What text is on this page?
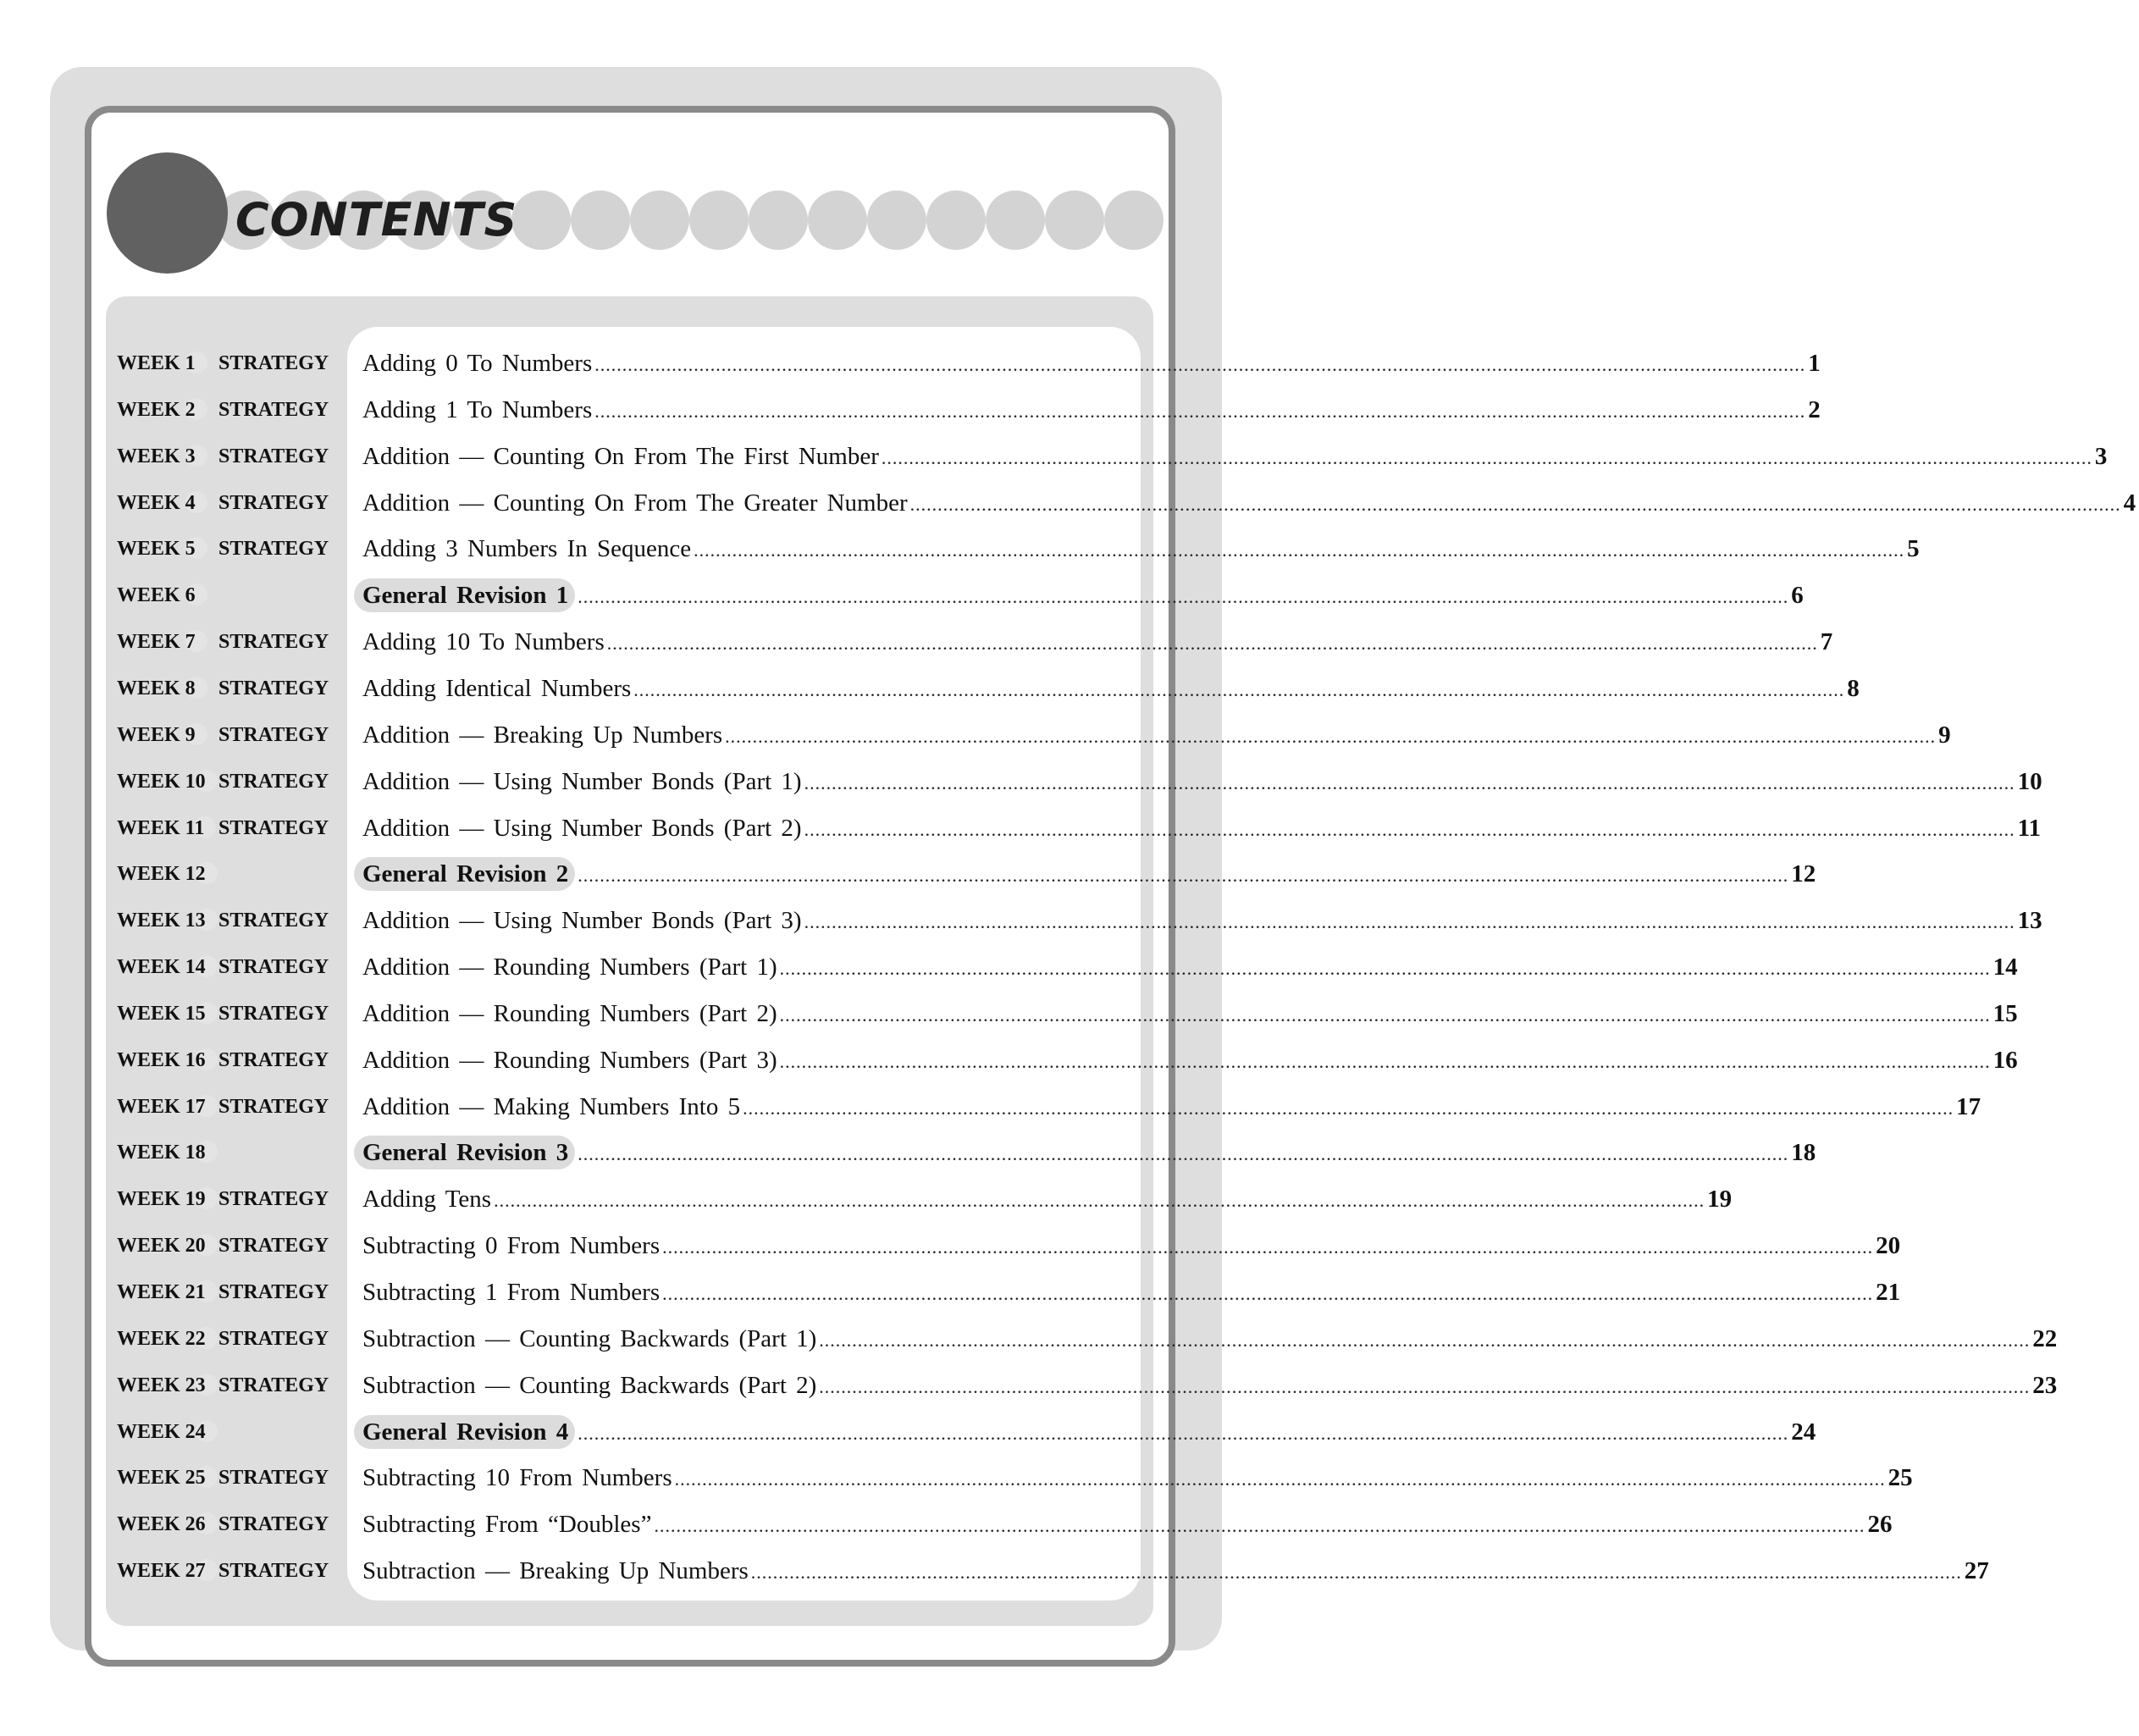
CONTENTS
WEEK 1	STRATEGY Adding 0 To Numbers ............................................................................................................................................................................................................................ 1
WEEK 2	STRATEGY Adding 1 To Numbers ............................................................................................................................................................................................................................ 2
WEEK 3	STRATEGY Addition — Counting On From The First Number ............................................................................................................................................................................................................................ 3
WEEK 4	STRATEGY Addition — Counting On From The Greater Number ............................................................................................................................................................................................................................ 4
WEEK 5	STRATEGY Adding 3 Numbers In Sequence ............................................................................................................................................................................................................................ 5
WEEK 6	General Revision 1 ............................................................................................................................................................................................................................ 6
WEEK 7	STRATEGY Adding 10 To Numbers ............................................................................................................................................................................................................................ 7
WEEK 8	STRATEGY Adding Identical Numbers ............................................................................................................................................................................................................................ 8
WEEK 9	STRATEGY Addition — Breaking Up Numbers ............................................................................................................................................................................................................................ 9
WEEK 10 STRATEGY Addition — Using Number Bonds (Part 1) ............................................................................................................................................................................................................................ 10
WEEK 11 STRATEGY Addition — Using Number Bonds (Part 2) ............................................................................................................................................................................................................................ 11
WEEK 12	General Revision 2 ............................................................................................................................................................................................................................ 12
WEEK 13 STRATEGY Addition — Using Number Bonds (Part 3) ............................................................................................................................................................................................................................ 13
WEEK 14 STRATEGY Addition — Rounding Numbers (Part 1) ............................................................................................................................................................................................................................ 14
WEEK 15 STRATEGY Addition — Rounding Numbers (Part 2) ............................................................................................................................................................................................................................ 15
WEEK 16 STRATEGY Addition — Rounding Numbers (Part 3) ............................................................................................................................................................................................................................ 16
WEEK 17 STRATEGY Addition — Making Numbers Into 5 ............................................................................................................................................................................................................................ 17
WEEK 18	General Revision 3 ............................................................................................................................................................................................................................ 18
WEEK 19 STRATEGY Adding Tens ............................................................................................................................................................................................................................ 19
WEEK 20 STRATEGY Subtracting 0 From Numbers ............................................................................................................................................................................................................................ 20
WEEK 21 STRATEGY Subtracting 1 From Numbers ............................................................................................................................................................................................................................ 21
WEEK 22 STRATEGY Subtraction — Counting Backwards (Part 1) ............................................................................................................................................................................................................................ 22
WEEK 23 STRATEGY Subtraction — Counting Backwards (Part 2) ............................................................................................................................................................................................................................ 23
WEEK 24	General Revision 4 ............................................................................................................................................................................................................................ 24
WEEK 25 STRATEGY Subtracting 10 From Numbers ............................................................................................................................................................................................................................ 25
WEEK 26 STRATEGY Subtracting From “Doubles” ............................................................................................................................................................................................................................ 26
WEEK 27 STRATEGY Subtraction — Breaking Up Numbers ............................................................................................................................................................................................................................ 27
